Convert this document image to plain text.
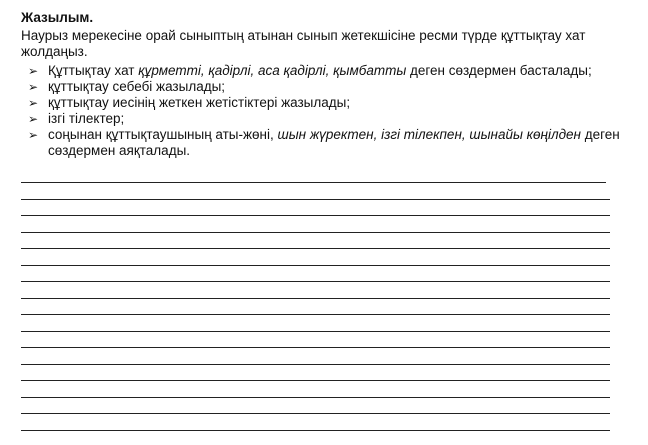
Жазылым.
Наурыз мерекесіне орай сыныптың атынан сынып жетекшісіне ресми түрде құттықтау хат жолдаңыз.
➢ Құттықтау хат құрметті, қадірлі, аса қадірлі, қымбатты деген сөздермен басталады;
➢ құттықтау себебі жазылады;
➢ құттықтау иесінің жеткен жетістіктері жазылады;
➢ ізгі тілектер;
➢ соңынан құттықтаушының аты-жөні, шын жүректен, ізгі тілекпен, шынайы көңілден деген сөздермен аяқталады.
